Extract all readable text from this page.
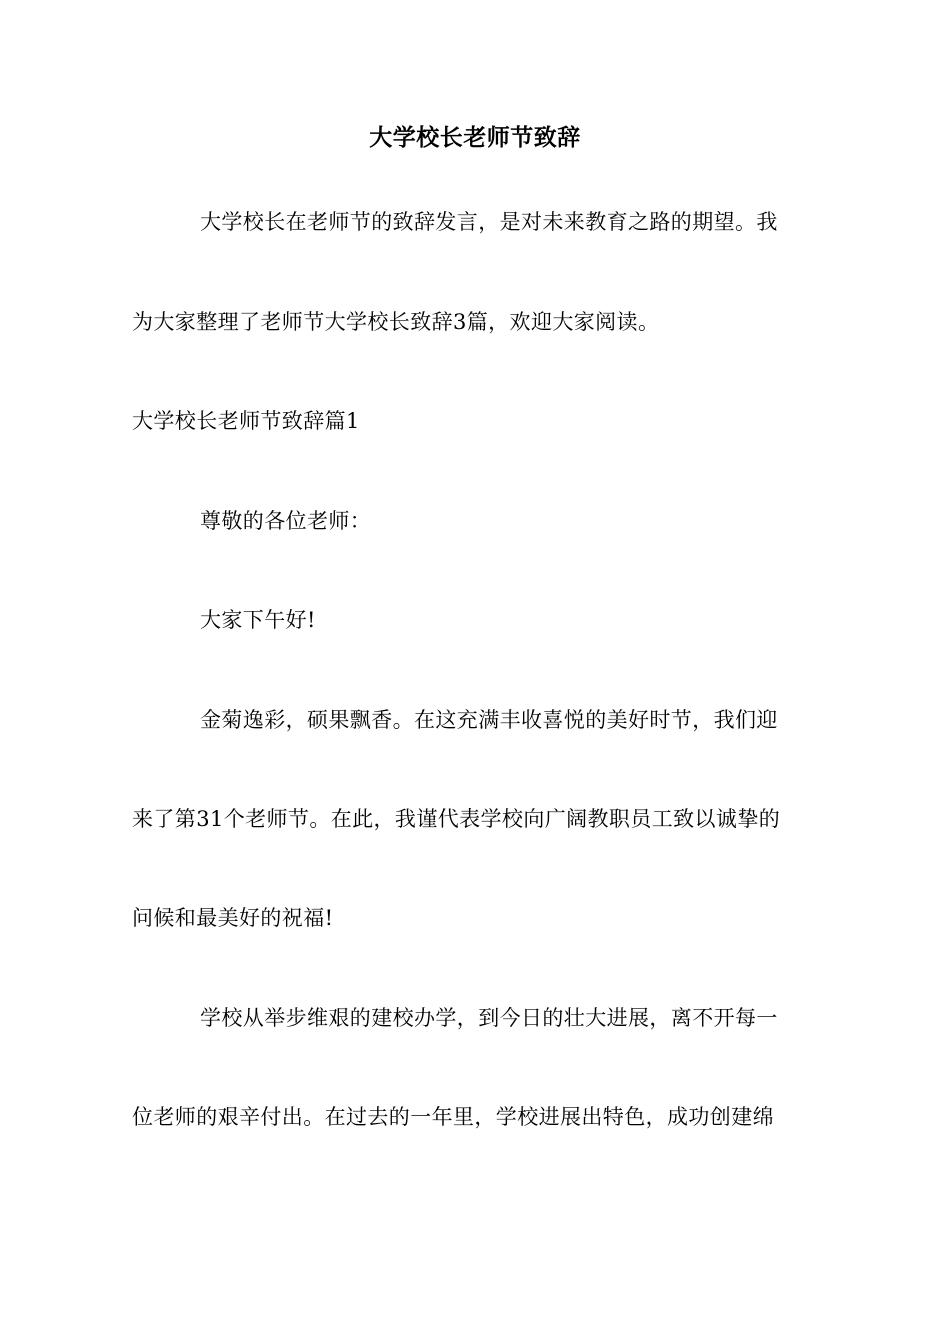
大学校长老师节致辞
大学校长在老师节的致辞发言，是对未来教育之路的期望。我
为大家整理了老师节大学校长致辞3篇，欢迎大家阅读。
大学校长老师节致辞篇1
尊敬的各位老师：
大家下午好!
金菊逸彩，硕果飘香。在这充满丰收喜悦的美好时节，我们迎
来了第31个老师节。在此，我谨代表学校向广阔教职员工致以诚挚的
问候和最美好的祝福!
学校从举步维艰的建校办学，到今日的壮大进展，离不开每一
位老师的艰辛付出。在过去的一年里，学校进展出特色，成功创建绵
